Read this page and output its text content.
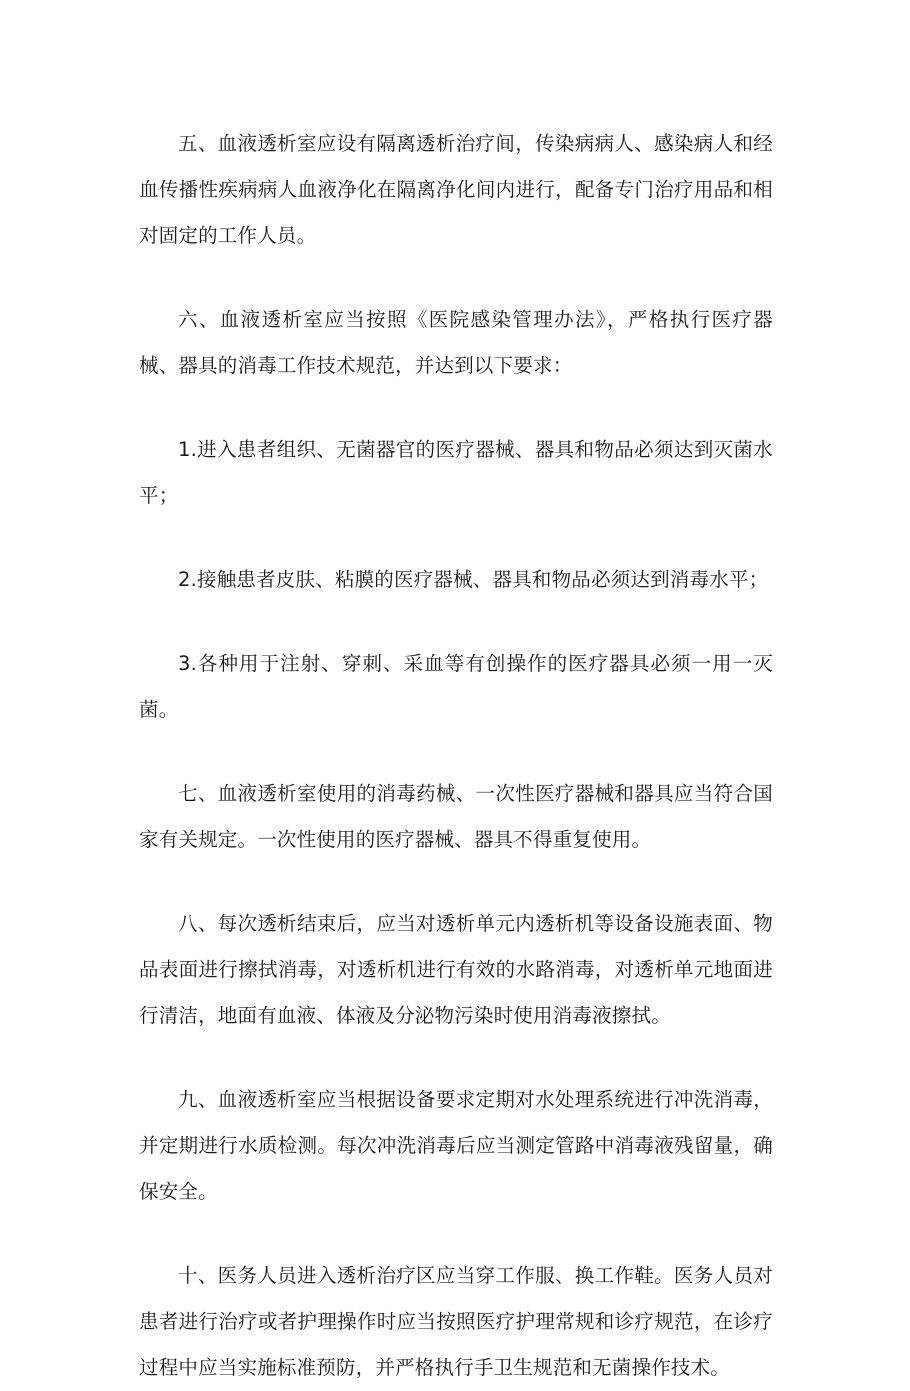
五、血液透析室应设有隔离透析治疗间，传染病病人、感染病人和经血传播性疾病病人血液净化在隔离净化间内进行，配备专门治疗用品和相对固定的工作人员。

六、血液透析室应当按照《医院感染管理办法》，严格执行医疗器械、器具的消毒工作技术规范，并达到以下要求：

1.进入患者组织、无菌器官的医疗器械、器具和物品必须达到灭菌水平；

2.接触患者皮肤、粘膜的医疗器械、器具和物品必须达到消毒水平；

3.各种用于注射、穿刺、采血等有创操作的医疗器具必须一用一灭菌。

七、血液透析室使用的消毒药械、一次性医疗器械和器具应当符合国家有关规定。一次性使用的医疗器械、器具不得重复使用。

八、每次透析结束后，应当对透析单元内透析机等设备设施表面、物品表面进行擦拭消毒，对透析机进行有效的水路消毒，对透析单元地面进行清洁，地面有血液、体液及分泌物污染时使用消毒液擦拭。

九、血液透析室应当根据设备要求定期对水处理系统进行冲洗消毒，并定期进行水质检测。每次冲洗消毒后应当测定管路中消毒液残留量，确保安全。

十、医务人员进入透析治疗区应当穿工作服、换工作鞋。医务人员对患者进行治疗或者护理操作时应当按照医疗护理常规和诊疗规范，在诊疗过程中应当实施标准预防，并严格执行手卫生规范和无菌操作技术。
